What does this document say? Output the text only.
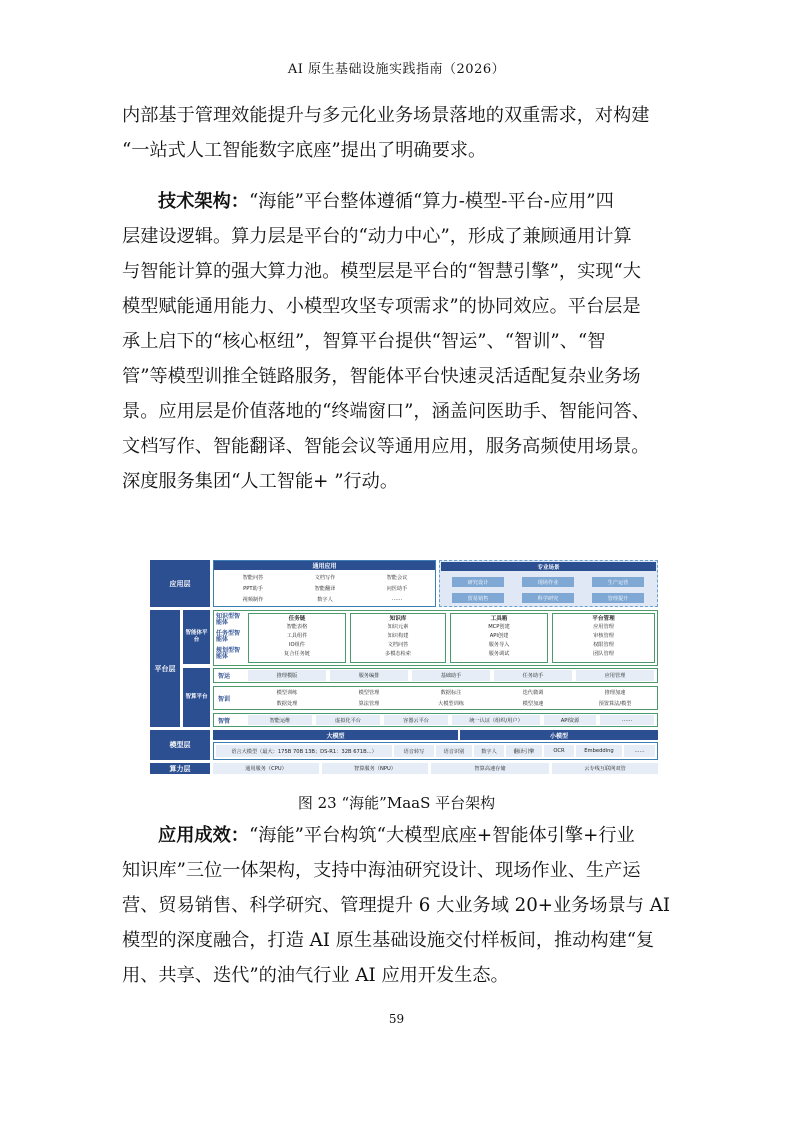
AI 原生基础设施实践指南（2026）
内部基于管理效能提升与多元化业务场景落地的双重需求，对构建
“一站式人工智能数字底座”提出了明确要求。
技术架构：“海能”平台整体遵循“算力-模型-平台-应用”四
层建设逻辑。算力层是平台的“动力中心”，形成了兼顾通用计算
与智能计算的强大算力池。模型层是平台的“智慧引擎”，实现“大
模型赋能通用能力、小模型攻坚专项需求”的协同效应。平台层是
承上启下的“核心枢纽”，智算平台提供“智运”、“智训”、“智
管”等模型训推全链路服务，智能体平台快速灵活适配复杂业务场
景。应用层是价值落地的“终端窗口”，涵盖问医助手、智能问答、
文档写作、智能翻译、智能会议等通用应用，服务高频使用场景。
深度服务集团“人工智能+ ”行动。
应用层
平台层
模型层
算力层
通用应用
智能问答	文档写作	智能会议
PPT助手	智能翻译	问医助手
视频制作	数字人	……
专业场景
研究设计	现场作业	生产运营
贸易销售	科学研究	管理提升
智能体平台
知识型智能体
任务型智能体
规划型智能体
任务链
智能表格
工具组件
IO组件
复合任务链
知识库
知识元素
知识构建
文档问答
多模态检索
工具箱
MCP创建
API创建
服务导入
服务调试
平台管理
应用管理
审核管理
权限管理
团队管理
智算平台
智运	推理模版	服务编排	基础助手	任务助手	应用管理
智训
模型训练	模型管理	数据标注	迭代微调	推理加速
数据处理	算法管理	大模型训练	模型加速	预置算法/模型
智管	智能运维	虚拟化平台	容器云平台	统一认证（组织/用户）	API资源	……
大模型	小模型
语言大模型（最大：175B 70B 13B；DS-R1：32B 671B...）	语音转写	语音识别	数字人	翻译引擎	OCR	Embedding	……
通用服务（CPU）	智算服务（NPU）	智算高速存储	云专线互联网双管
图 23 “海能”MaaS 平台架构
应用成效：“海能”平台构筑“大模型底座+智能体引擎+行业
知识库”三位一体架构，支持中海油研究设计、现场作业、生产运
营、贸易销售、科学研究、管理提升 6 大业务域 20+业务场景与 AI
模型的深度融合，打造 AI 原生基础设施交付样板间，推动构建“复
用、共享、迭代”的油气行业 AI 应用开发生态。
59
